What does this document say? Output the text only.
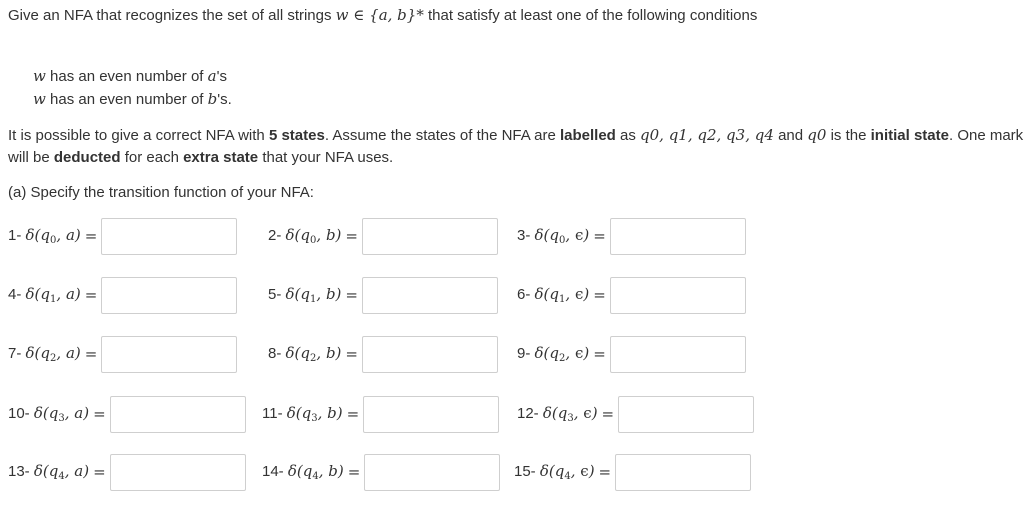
Give an NFA that recognizes the set of all strings w ∈ {a, b}* that satisfy at least one of the following conditions
w has an even number of a's
w has an even number of b's.
It is possible to give a correct NFA with 5 states. Assume the states of the NFA are labelled as q0, q1, q2, q3, q4 and q0 is the initial state. One mark
will be deducted for each extra state that your NFA uses.
(a) Specify the transition function of your NFA:
1- $\delta(q_0$, a) =	2- $\delta(q_0$, b) =	3- $\delta(q_0$, ϵ) =
4- $\delta(q_1$, a) =	5- $\delta(q_1$, b) =	6- $\delta(q_1$, ϵ) =
7- $\delta(q_2$, a) =	8- $\delta(q_2$, b) =	9- $\delta(q_2$, ϵ) =
10- $\delta(q_3$, a) =	11- $\delta(q_3$, b) =	12- $\delta(q_3$, ϵ) =
13- $\delta(q_4$, a) =	14- $\delta(q_4$, b) =	15- $\delta(q_4$, ϵ) =
